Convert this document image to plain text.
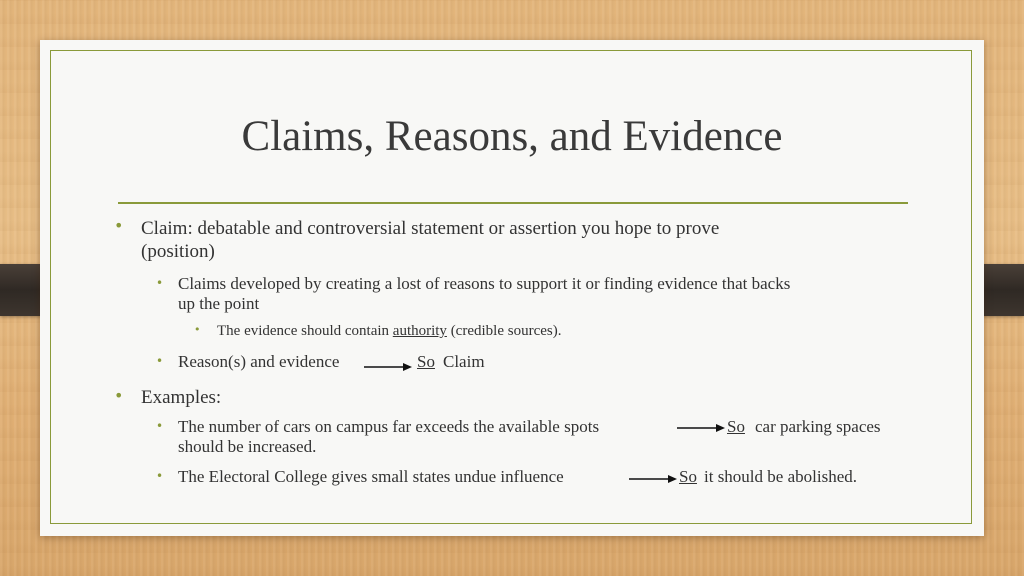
Claims, Reasons, and Evidence
• Claim: debatable and controversial statement or assertion you hope to prove
(position)
• Claims developed by creating a lost of reasons to support it or finding evidence that backs
up the point
• The evidence should contain authority (credible sources).
• Reason(s) and evidence	So Claim
• Examples:
• The number of cars on campus far exceeds the available spots	So car parking spaces
should be increased.
• The Electoral College gives small states undue influence	So it should be abolished.
